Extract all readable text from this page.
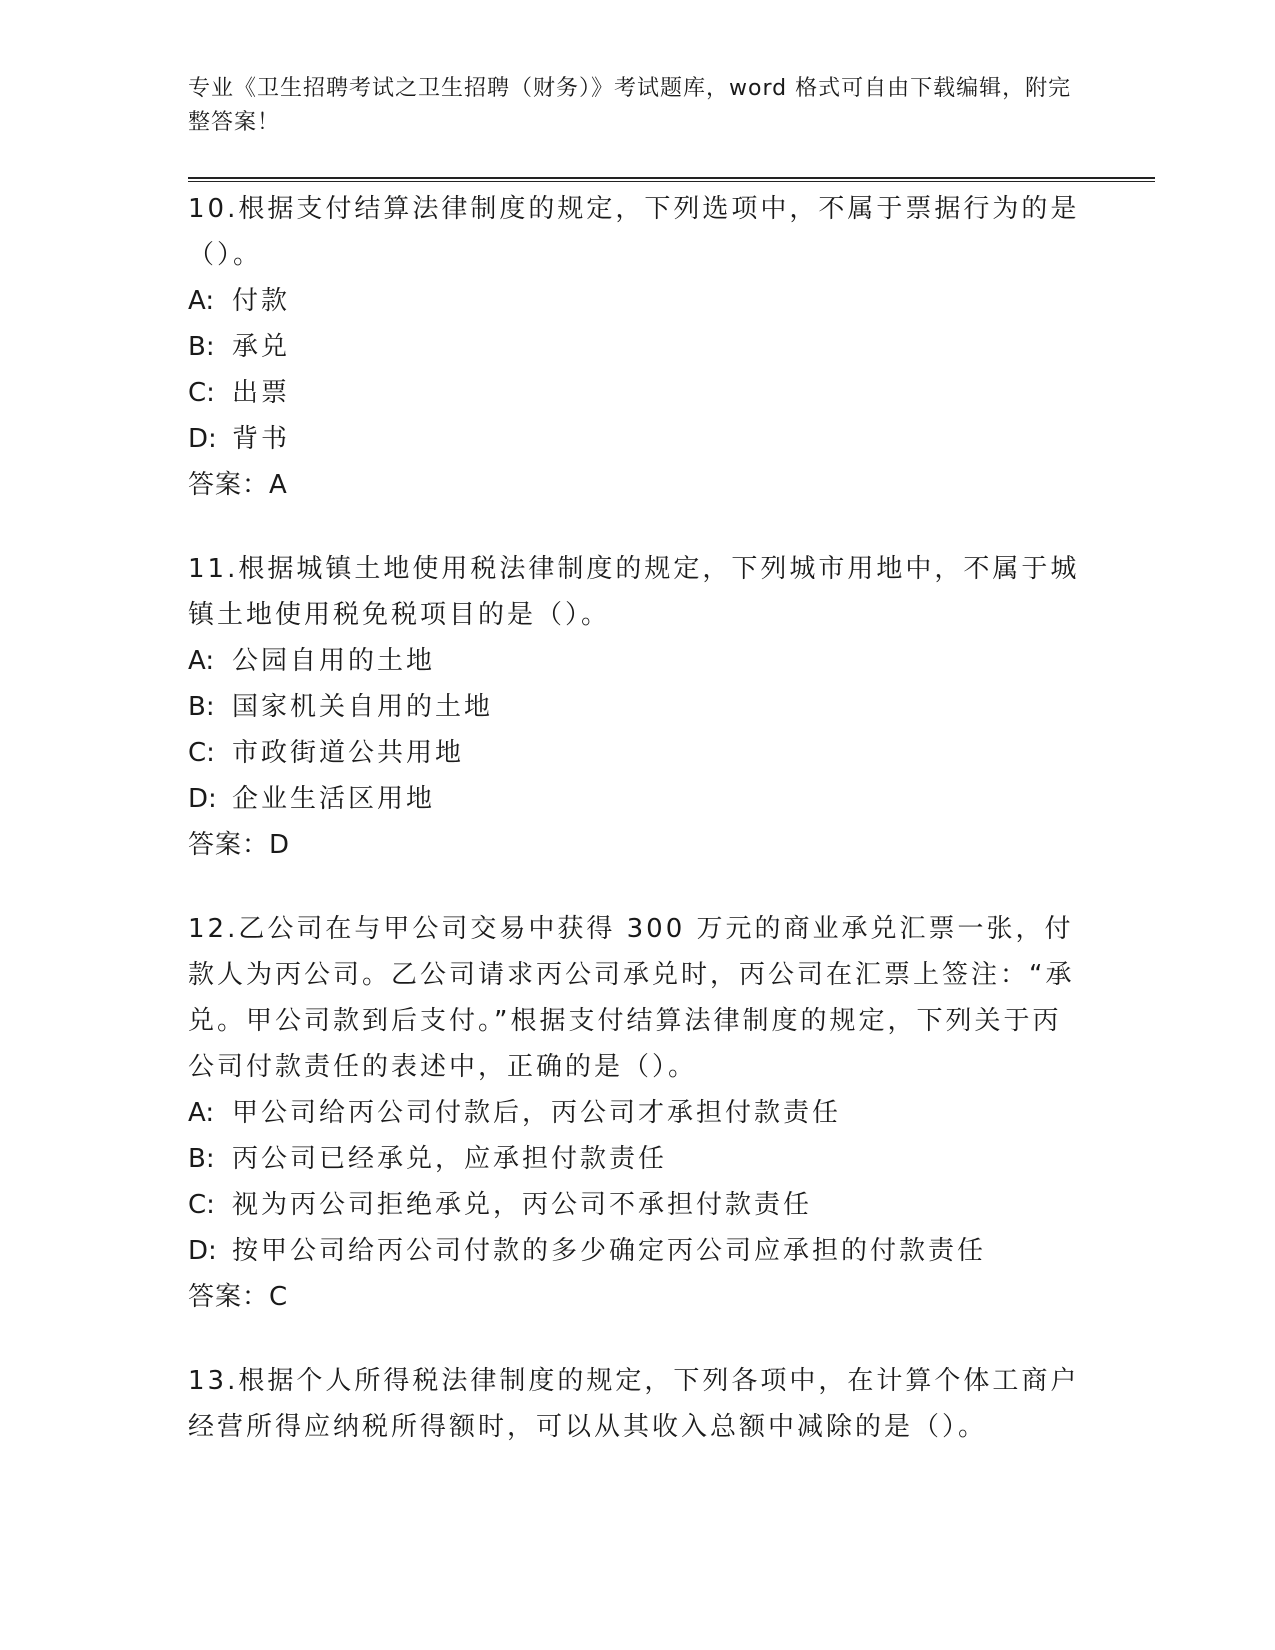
专业《卫生招聘考试之卫生招聘（财务）》考试题库，word 格式可自由下载编辑，附完整答案！

10.根据支付结算法律制度的规定，下列选项中，不属于票据行为的是（）。

A: 付款

B: 承兑

C: 出票

D: 背书

答案：A

11.根据城镇土地使用税法律制度的规定，下列城市用地中，不属于城镇土地使用税免税项目的是（）。

A: 公园自用的土地

B: 国家机关自用的土地

C: 市政街道公共用地

D: 企业生活区用地

答案：D

12.乙公司在与甲公司交易中获得 300 万元的商业承兑汇票一张，付款人为丙公司。乙公司请求丙公司承兑时，丙公司在汇票上签注：“承兑。甲公司款到后支付。”根据支付结算法律制度的规定，下列关于丙公司付款责任的表述中，正确的是（）。

A: 甲公司给丙公司付款后，丙公司才承担付款责任

B: 丙公司已经承兑，应承担付款责任

C: 视为丙公司拒绝承兑，丙公司不承担付款责任

D: 按甲公司给丙公司付款的多少确定丙公司应承担的付款责任

答案：C

13.根据个人所得税法律制度的规定，下列各项中，在计算个体工商户经营所得应纳税所得额时，可以从其收入总额中减除的是（）。
